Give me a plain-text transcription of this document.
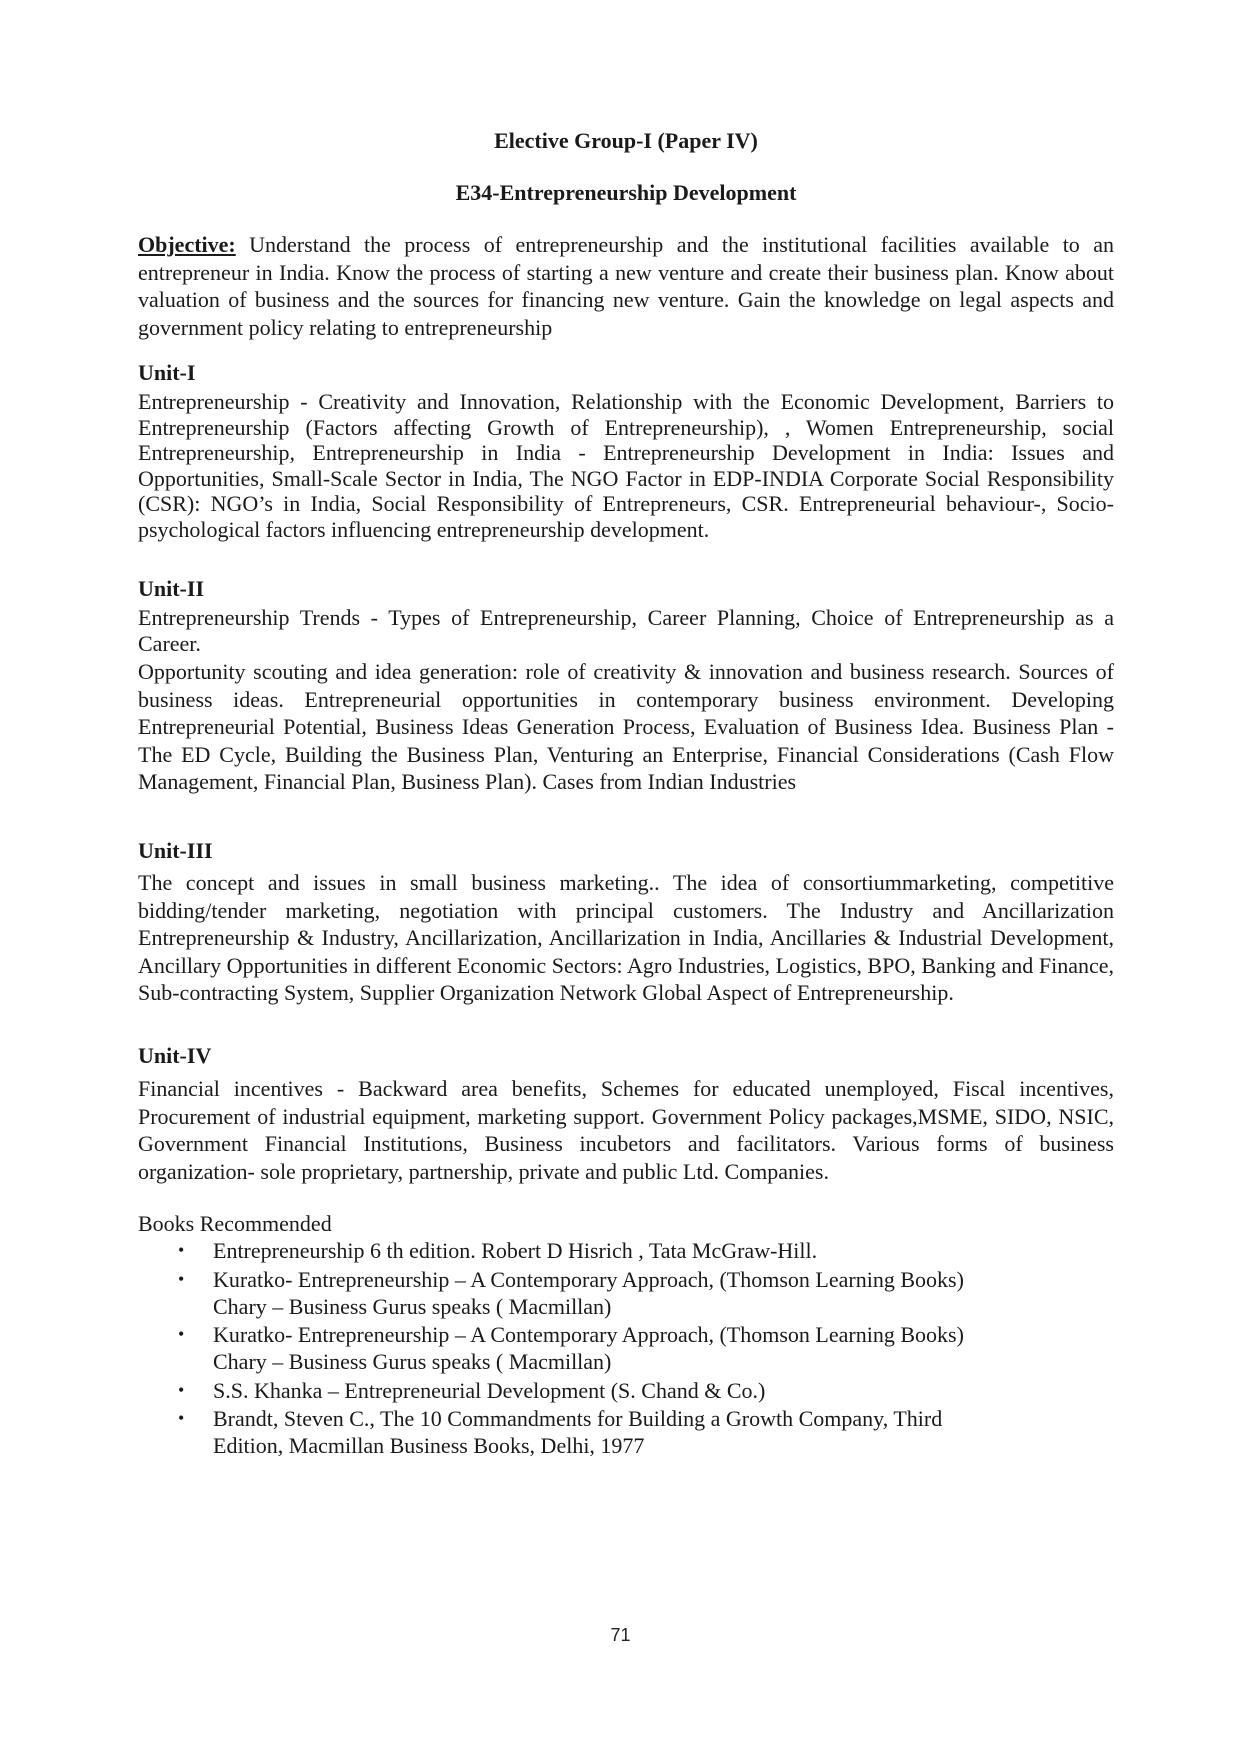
Elective Group-I (Paper IV)
E34-Entrepreneurship Development
Objective: Understand the process of entrepreneurship and the institutional facilities available to an entrepreneur in India. Know the process of starting a new venture and create their business plan. Know about valuation of business and the sources for financing new venture. Gain the knowledge on legal aspects and government policy relating to entrepreneurship
Unit-I
Entrepreneurship - Creativity and Innovation, Relationship with the Economic Development, Barriers to Entrepreneurship (Factors affecting Growth of Entrepreneurship), , Women Entrepreneurship, social Entrepreneurship, Entrepreneurship in India - Entrepreneurship Development in India: Issues and Opportunities, Small-Scale Sector in India, The NGO Factor in EDP-INDIA Corporate Social Responsibility (CSR): NGO’s in India, Social Responsibility of Entrepreneurs, CSR. Entrepreneurial behaviour-, Socio- psychological factors influencing entrepreneurship development.
Unit-II
Entrepreneurship Trends - Types of Entrepreneurship, Career Planning, Choice of Entrepreneurship as a Career.
Opportunity scouting and idea generation: role of creativity & innovation and business research. Sources of business ideas. Entrepreneurial opportunities in contemporary business environment. Developing Entrepreneurial Potential, Business Ideas Generation Process, Evaluation of Business Idea. Business Plan - The ED Cycle, Building the Business Plan, Venturing an Enterprise, Financial Considerations (Cash Flow Management, Financial Plan, Business Plan). Cases from Indian Industries
Unit-III
The concept and issues in small business marketing.. The idea of consortiummarketing, competitive bidding/tender marketing, negotiation with principal customers. The Industry and Ancillarization Entrepreneurship & Industry, Ancillarization, Ancillarization in India, Ancillaries & Industrial Development, Ancillary Opportunities in different Economic Sectors: Agro Industries, Logistics, BPO, Banking and Finance, Sub-contracting System, Supplier Organization Network Global Aspect of Entrepreneurship.
Unit-IV
Financial incentives - Backward area benefits, Schemes for educated unemployed, Fiscal incentives, Procurement of industrial equipment, marketing support. Government Policy packages,MSME, SIDO, NSIC, Government Financial Institutions, Business incubetors and facilitators. Various forms of business organization- sole proprietary, partnership, private and public Ltd. Companies.
Books Recommended
• Entrepreneurship 6 th edition. Robert D Hisrich , Tata McGraw-Hill.
• Kuratko- Entrepreneurship – A Contemporary Approach, (Thomson Learning Books)
Chary – Business Gurus speaks ( Macmillan)
• Kuratko- Entrepreneurship – A Contemporary Approach, (Thomson Learning Books)
Chary – Business Gurus speaks ( Macmillan)
• S.S. Khanka – Entrepreneurial Development (S. Chand & Co.)
• Brandt, Steven C., The 10 Commandments for Building a Growth Company, Third
Edition, Macmillan Business Books, Delhi, 1977
71
